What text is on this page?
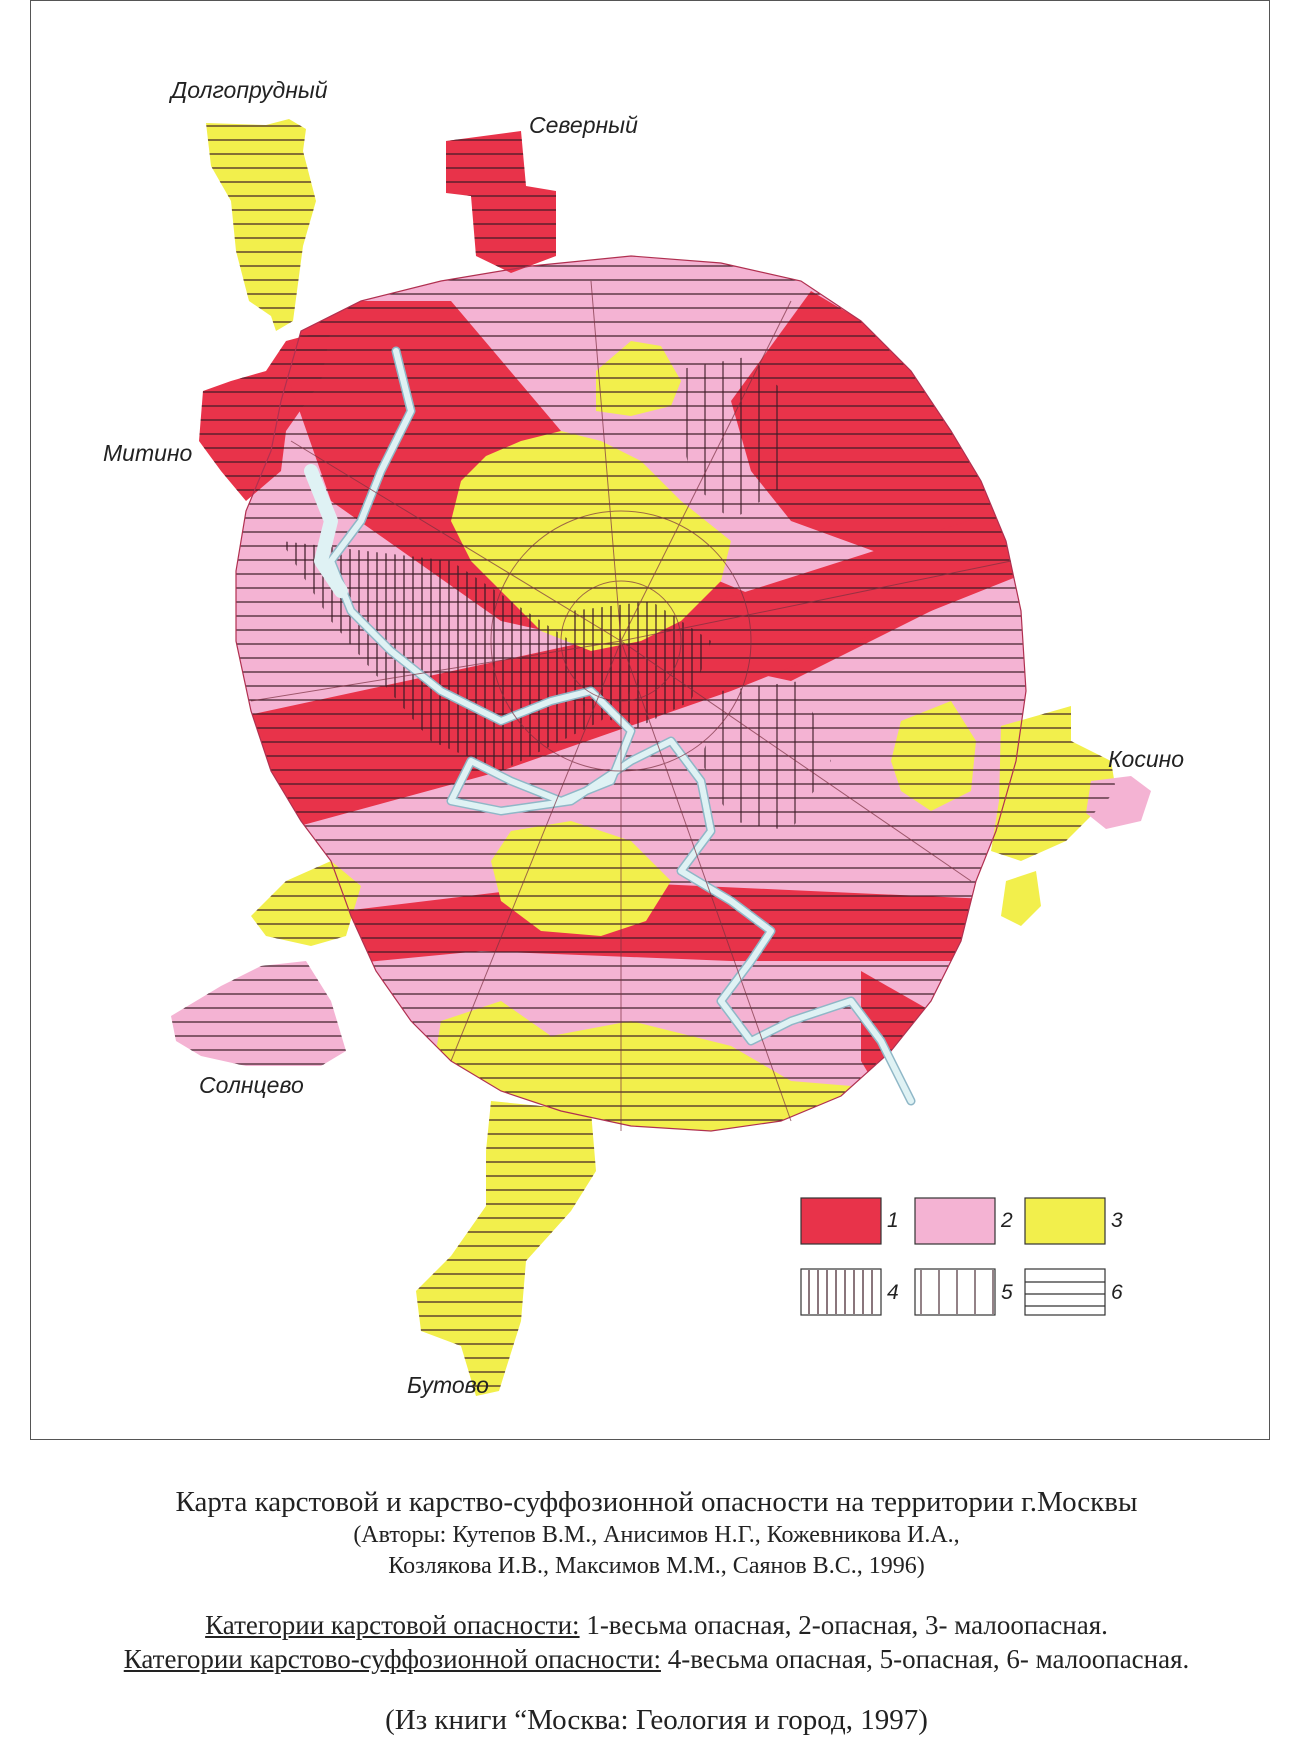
Долгопрудный
Северный
Митино
Косино
Солнцево
Бутово
1	2	3
4	5	6
Карта карстовой и карство-суффозионной опасности на территории г.Москвы
(Авторы: Кутепов В.М., Анисимов Н.Г., Кожевникова И.А.,
Козлякова И.В., Максимов М.М., Саянов В.С., 1996)
Категории карстовой опасности: 1-весьма опасная, 2-опасная, 3- малоопасная.
Категории карстово-суффозионной опасности: 4-весьма опасная, 5-опасная, 6- малоопасная.
(Из книги “Москва: Геология и город, 1997)
